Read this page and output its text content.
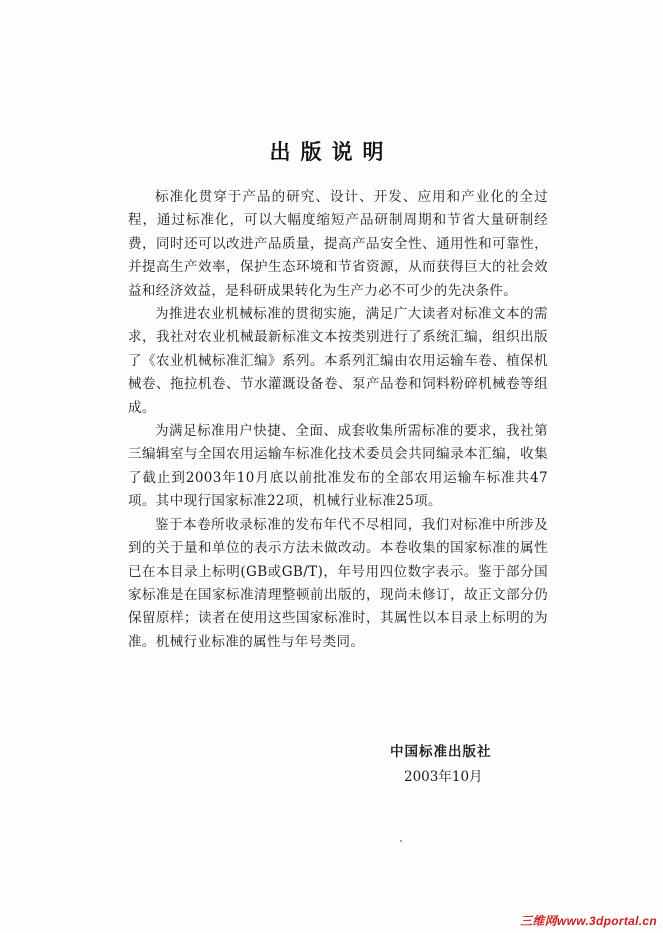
出版说明

标准化贯穿于产品的研究、设计、开发、应用和产业化的全过程，通过标准化，可以大幅度缩短产品研制周期和节省大量研制经费，同时还可以改进产品质量，提高产品安全性、通用性和可靠性，并提高生产效率，保护生态环境和节省资源，从而获得巨大的社会效益和经济效益，是科研成果转化为生产力必不可少的先决条件。

为推进农业机械标准的贯彻实施，满足广大读者对标准文本的需求，我社对农业机械最新标准文本按类别进行了系统汇编，组织出版了《农业机械标准汇编》系列。本系列汇编由农用运输车卷、植保机械卷、拖拉机卷、节水灌溉设备卷、泵产品卷和饲料粉碎机械卷等组成。

为满足标准用户快捷、全面、成套收集所需标准的要求，我社第三编辑室与全国农用运输车标准化技术委员会共同编录本汇编，收集了截止到2003年10月底以前批准发布的全部农用运输车标准共47项。其中现行国家标准22项，机械行业标准25项。

鉴于本卷所收录标准的发布年代不尽相同，我们对标准中所涉及到的关于量和单位的表示方法未做改动。本卷收集的国家标准的属性已在本目录上标明(GB或GB/T)，年号用四位数字表示。鉴于部分国家标准是在国家标准清理整顿前出版的，现尚未修订，故正文部分仍保留原样；读者在使用这些国家标准时，其属性以本目录上标明的为准。机械行业标准的属性与年号类同。

中国标准出版社
2003年10月
三维网www.3dportal.cn
